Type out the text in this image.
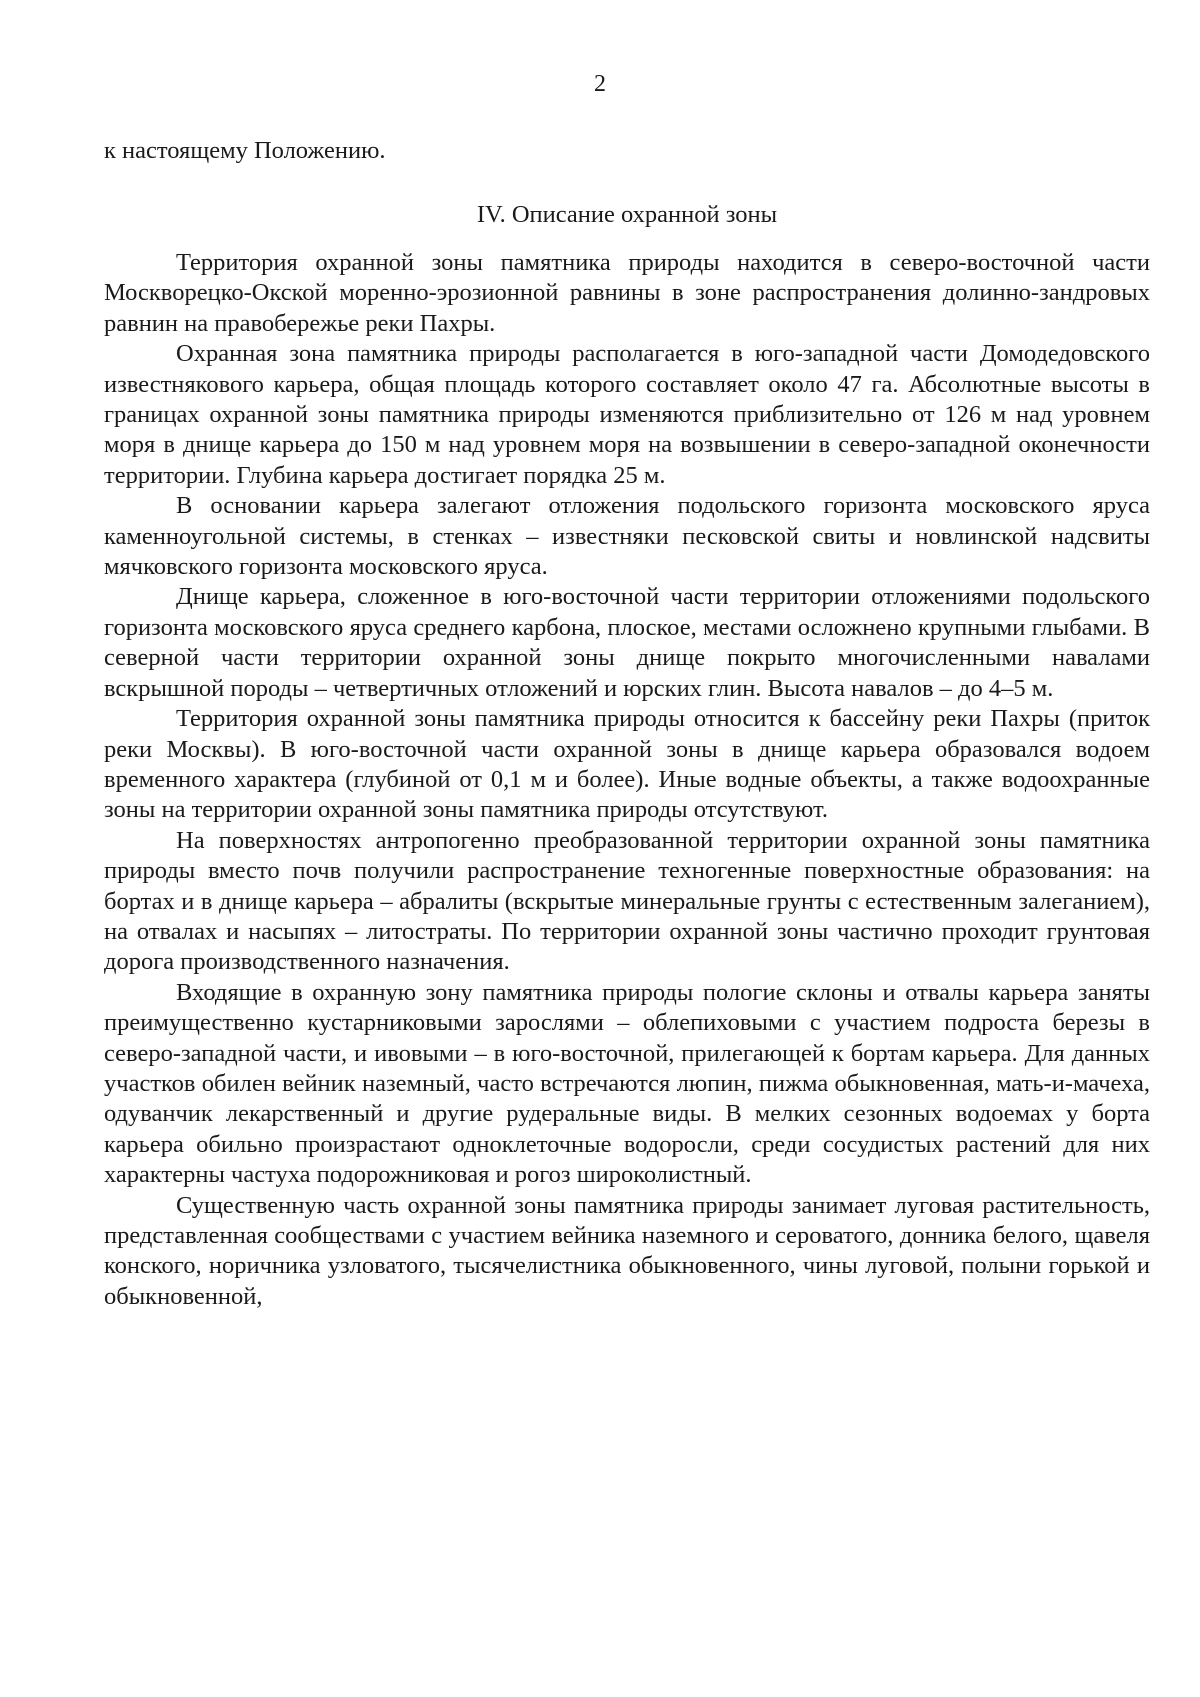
2

к настоящему Положению.

IV. Описание охранной зоны

Территория охранной зоны памятника природы находится в северо-восточной части Москворецко-Окской моренно-эрозионной равнины в зоне распространения долинно-зандровых равнин на правобережье реки Пахры.

Охранная зона памятника природы располагается в юго-западной части Домодедовского известнякового карьера, общая площадь которого составляет около 47 га. Абсолютные высоты в границах охранной зоны памятника природы изменяются приблизительно от 126 м над уровнем моря в днище карьера до 150 м над уровнем моря на возвышении в северо-западной оконечности территории. Глубина карьера достигает порядка 25 м.

В основании карьера залегают отложения подольского горизонта московского яруса каменноугольной системы, в стенках – известняки песковской свиты и новлинской надсвиты мячковского горизонта московского яруса.

Днище карьера, сложенное в юго-восточной части территории отложениями подольского горизонта московского яруса среднего карбона, плоское, местами осложнено крупными глыбами. В северной части территории охранной зоны днище покрыто многочисленными навалами вскрышной породы – четвертичных отложений и юрских глин. Высота навалов – до 4–5 м.

Территория охранной зоны памятника природы относится к бассейну реки Пахры (приток реки Москвы). В юго-восточной части охранной зоны в днище карьера образовался водоем временного характера (глубиной от 0,1 м и более). Иные водные объекты, а также водоохранные зоны на территории охранной зоны памятника природы отсутствуют.

На поверхностях антропогенно преобразованной территории охранной зоны памятника природы вместо почв получили распространение техногенные поверхностные образования: на бортах и в днище карьера – абралиты (вскрытые минеральные грунты с естественным залеганием), на отвалах и насыпях – литостраты. По территории охранной зоны частично проходит грунтовая дорога производственного назначения.

Входящие в охранную зону памятника природы пологие склоны и отвалы карьера заняты преимущественно кустарниковыми зарослями – облепиховыми с участием подроста березы в северо-западной части, и ивовыми – в юго-восточной, прилегающей к бортам карьера. Для данных участков обилен вейник наземный, часто встречаются люпин, пижма обыкновенная, мать-и-мачеха, одуванчик лекарственный и другие рудеральные виды. В мелких сезонных водоемах у борта карьера обильно произрастают одноклеточные водоросли, среди сосудистых растений для них характерны частуха подорожниковая и рогоз широколистный.

Существенную часть охранной зоны памятника природы занимает луговая растительность, представленная сообществами с участием вейника наземного и сероватого, донника белого, щавеля конского, норичника узловатого, тысячелистника обыкновенного, чины луговой, полыни горькой и обыкновенной,
